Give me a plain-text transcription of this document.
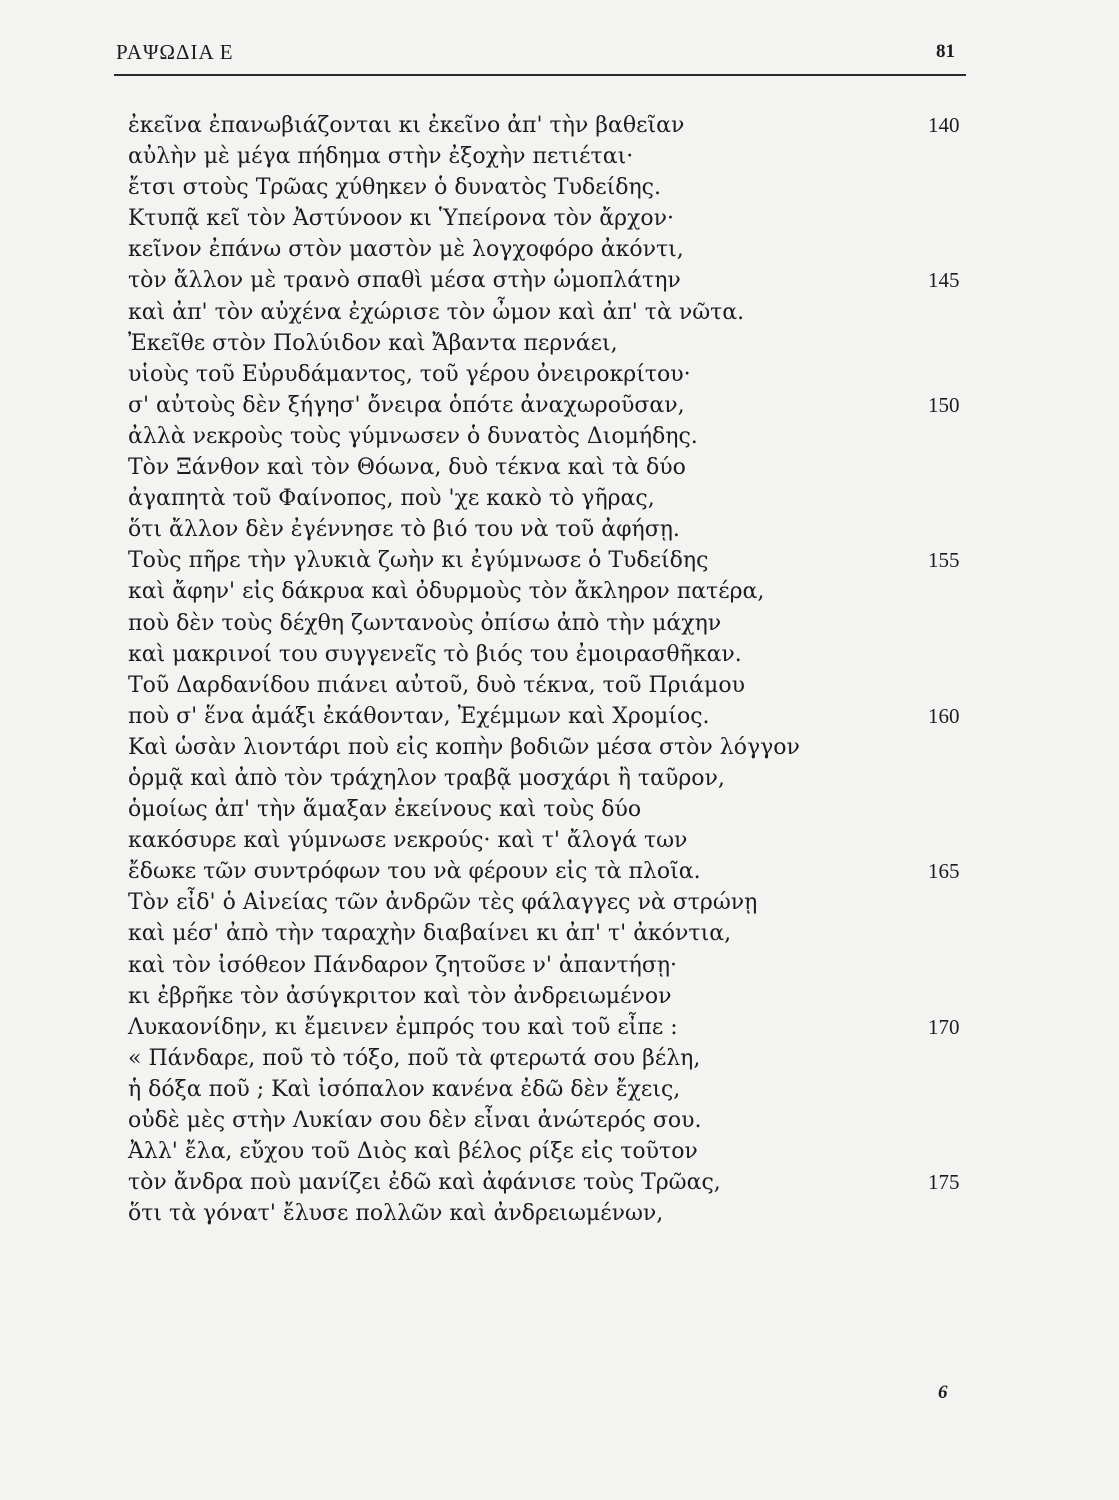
ΡΑΨΩΔΙΑ Ε	81
ἐκεῖνα ἐπανωβιάζονται κι ἐκεῖνο ἀπ' τὴν βαθεῖαν	140
αὐλὴν μὲ μέγα πήδημα στὴν ἐξοχὴν πετιέται·
ἔτσι στοὺς Τρῶας χύθηκεν ὁ δυνατὸς Τυδείδης.
Κτυπᾷ κεῖ τὸν Ἀστύνοον κι Ὑπείρονα τὸν ἄρχον·
κεῖνον ἐπάνω στὸν μαστὸν μὲ λογχοφόρο ἀκόντι,
τὸν ἄλλον μὲ τρανὸ σπαθὶ μέσα στὴν ὠμοπλάτην	145
καὶ ἀπ' τὸν αὐχένα ἐχώρισε τὸν ὦμον καὶ ἀπ' τὰ νῶτα.
Ἐκεῖθε στὸν Πολύιδον καὶ Ἄβαντα περνάει,
υἱοὺς τοῦ Εὐρυδάμαντος, τοῦ γέρου ὀνειροκρίτου·
σ' αὐτοὺς δὲν ξήγησ' ὄνειρα ὁπότε ἀναχωροῦσαν,	150
ἀλλὰ νεκροὺς τοὺς γύμνωσεν ὁ δυνατὸς Διομήδης.
Τὸν Ξάνθον καὶ τὸν Θόωνα, δυὸ τέκνα καὶ τὰ δύο
ἀγαπητὰ τοῦ Φαίνοπος, ποὺ 'χε κακὸ τὸ γῆρας,
ὅτι ἄλλον δὲν ἐγέννησε τὸ βιό του νὰ τοῦ ἀφήσῃ.
Τοὺς πῆρε τὴν γλυκιὰ ζωὴν κι ἐγύμνωσε ὁ Τυδείδης	155
καὶ ἄφην' εἰς δάκρυα καὶ ὀδυρμοὺς τὸν ἄκληρον πατέρα,
ποὺ δὲν τοὺς δέχθη ζωντανοὺς ὀπίσω ἀπὸ τὴν μάχην
καὶ μακρινοί του συγγενεῖς τὸ βιός του ἐμοιρασθῆκαν.
Τοῦ Δαρδανίδου πιάνει αὐτοῦ, δυὸ τέκνα, τοῦ Πριάμου
ποὺ σ' ἕνα ἁμάξι ἐκάθονταν, Ἐχέμμων καὶ Χρομίος.	160
Καὶ ὡσὰν λιοντάρι ποὺ εἰς κοπὴν βοδιῶν μέσα στὸν λόγγον
ὁρμᾷ καὶ ἀπὸ τὸν τράχηλον τραβᾷ μοσχάρι ἢ ταῦρον,
ὁμοίως ἀπ' τὴν ἅμαξαν ἐκείνους καὶ τοὺς δύο
κακόσυρε καὶ γύμνωσε νεκρούς· καὶ τ' ἄλογά των
ἔδωκε τῶν συντρόφων του νὰ φέρουν εἰς τὰ πλοῖα.	165
Τὸν εἶδ' ὁ Αἰνείας τῶν ἀνδρῶν τὲς φάλαγγες νὰ στρώνῃ
καὶ μέσ' ἀπὸ τὴν ταραχὴν διαβαίνει κι ἀπ' τ' ἀκόντια,
καὶ τὸν ἰσόθεον Πάνδαρον ζητοῦσε ν' ἀπαντήσῃ·
κι ἐβρῆκε τὸν ἀσύγκριτον καὶ τὸν ἀνδρειωμένον
Λυκαονίδην, κι ἔμεινεν ἐμπρός του καὶ τοῦ εἶπε :	170
« Πάνδαρε, ποῦ τὸ τόξο, ποῦ τὰ φτερωτά σου βέλη,
ἡ δόξα ποῦ ; Καὶ ἰσόπαλον κανένα ἐδῶ δὲν ἔχεις,
οὐδὲ μὲς στὴν Λυκίαν σου δὲν εἶναι ἀνώτερός σου.
Ἀλλ' ἔλα, εὔχου τοῦ Διὸς καὶ βέλος ρίξε εἰς τοῦτον
τὸν ἄνδρα ποὺ μανίζει ἐδῶ καὶ ἀφάνισε τοὺς Τρῶας,	175
ὅτι τὰ γόνατ' ἔλυσε πολλῶν καὶ ἀνδρειωμένων,
6
